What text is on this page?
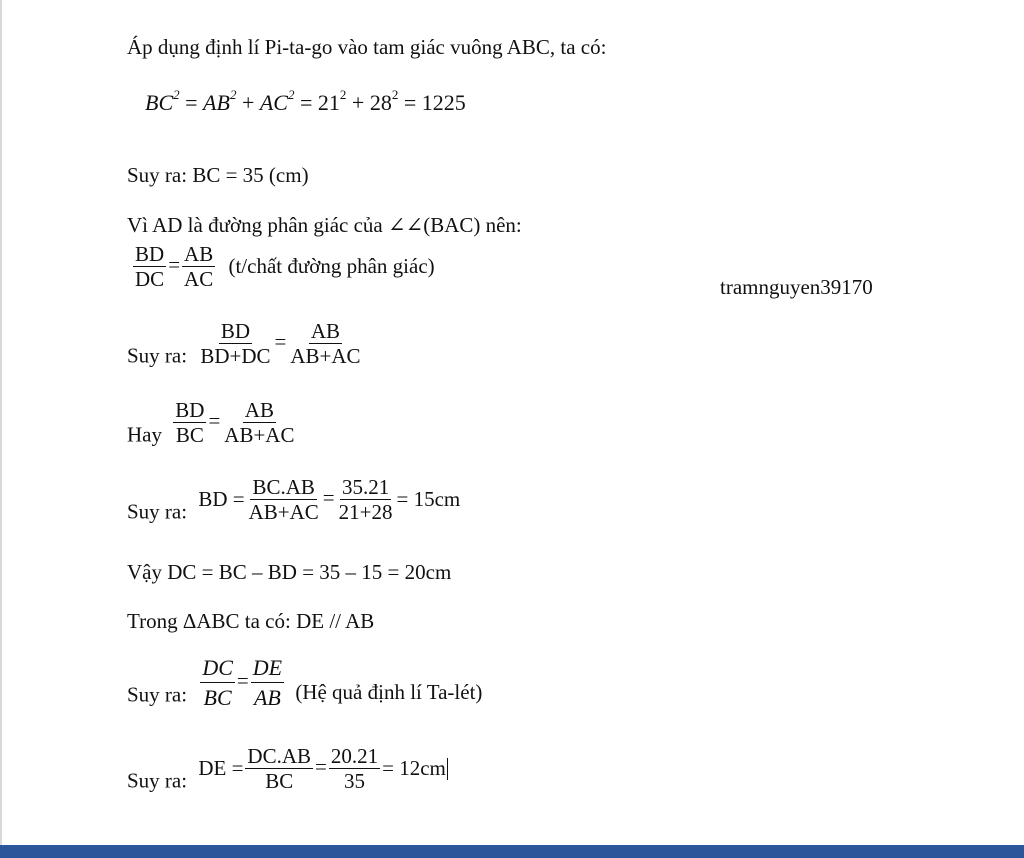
Áp dụng định lí Pi-ta-go vào tam giác vuông ABC, ta có:
$BC^2 = AB^2 + AC^2 = 21^2 + 28^2 = 1225$
Suy ra: BC = 35 (cm)
Vì AD là đường phân giác của ∠∠(BAC) nên:
$\frac{BD}{DC} = \frac{AB}{AC}$ (t/chất đường phân giác)
tramnguyen39170
Suy ra: $\frac{BD}{BD+DC} = \frac{AB}{AB+AC}$
Hay $\frac{BD}{BC} = \frac{AB}{AB+AC}$
Suy ra: BD = $\frac{BC.AB}{AB+AC} = \frac{35.21}{21+28} = 15cm$
Vậy DC = BC – BD = 35 – 15 = 20cm
Trong ΔABC ta có: DE // AB
Suy ra: $\frac{DC}{BC} = \frac{DE}{AB}$ (Hệ quả định lí Ta-lét)
Suy ra: DE = $\frac{DC.AB}{BC} = \frac{20.21}{35} = 12cm$
